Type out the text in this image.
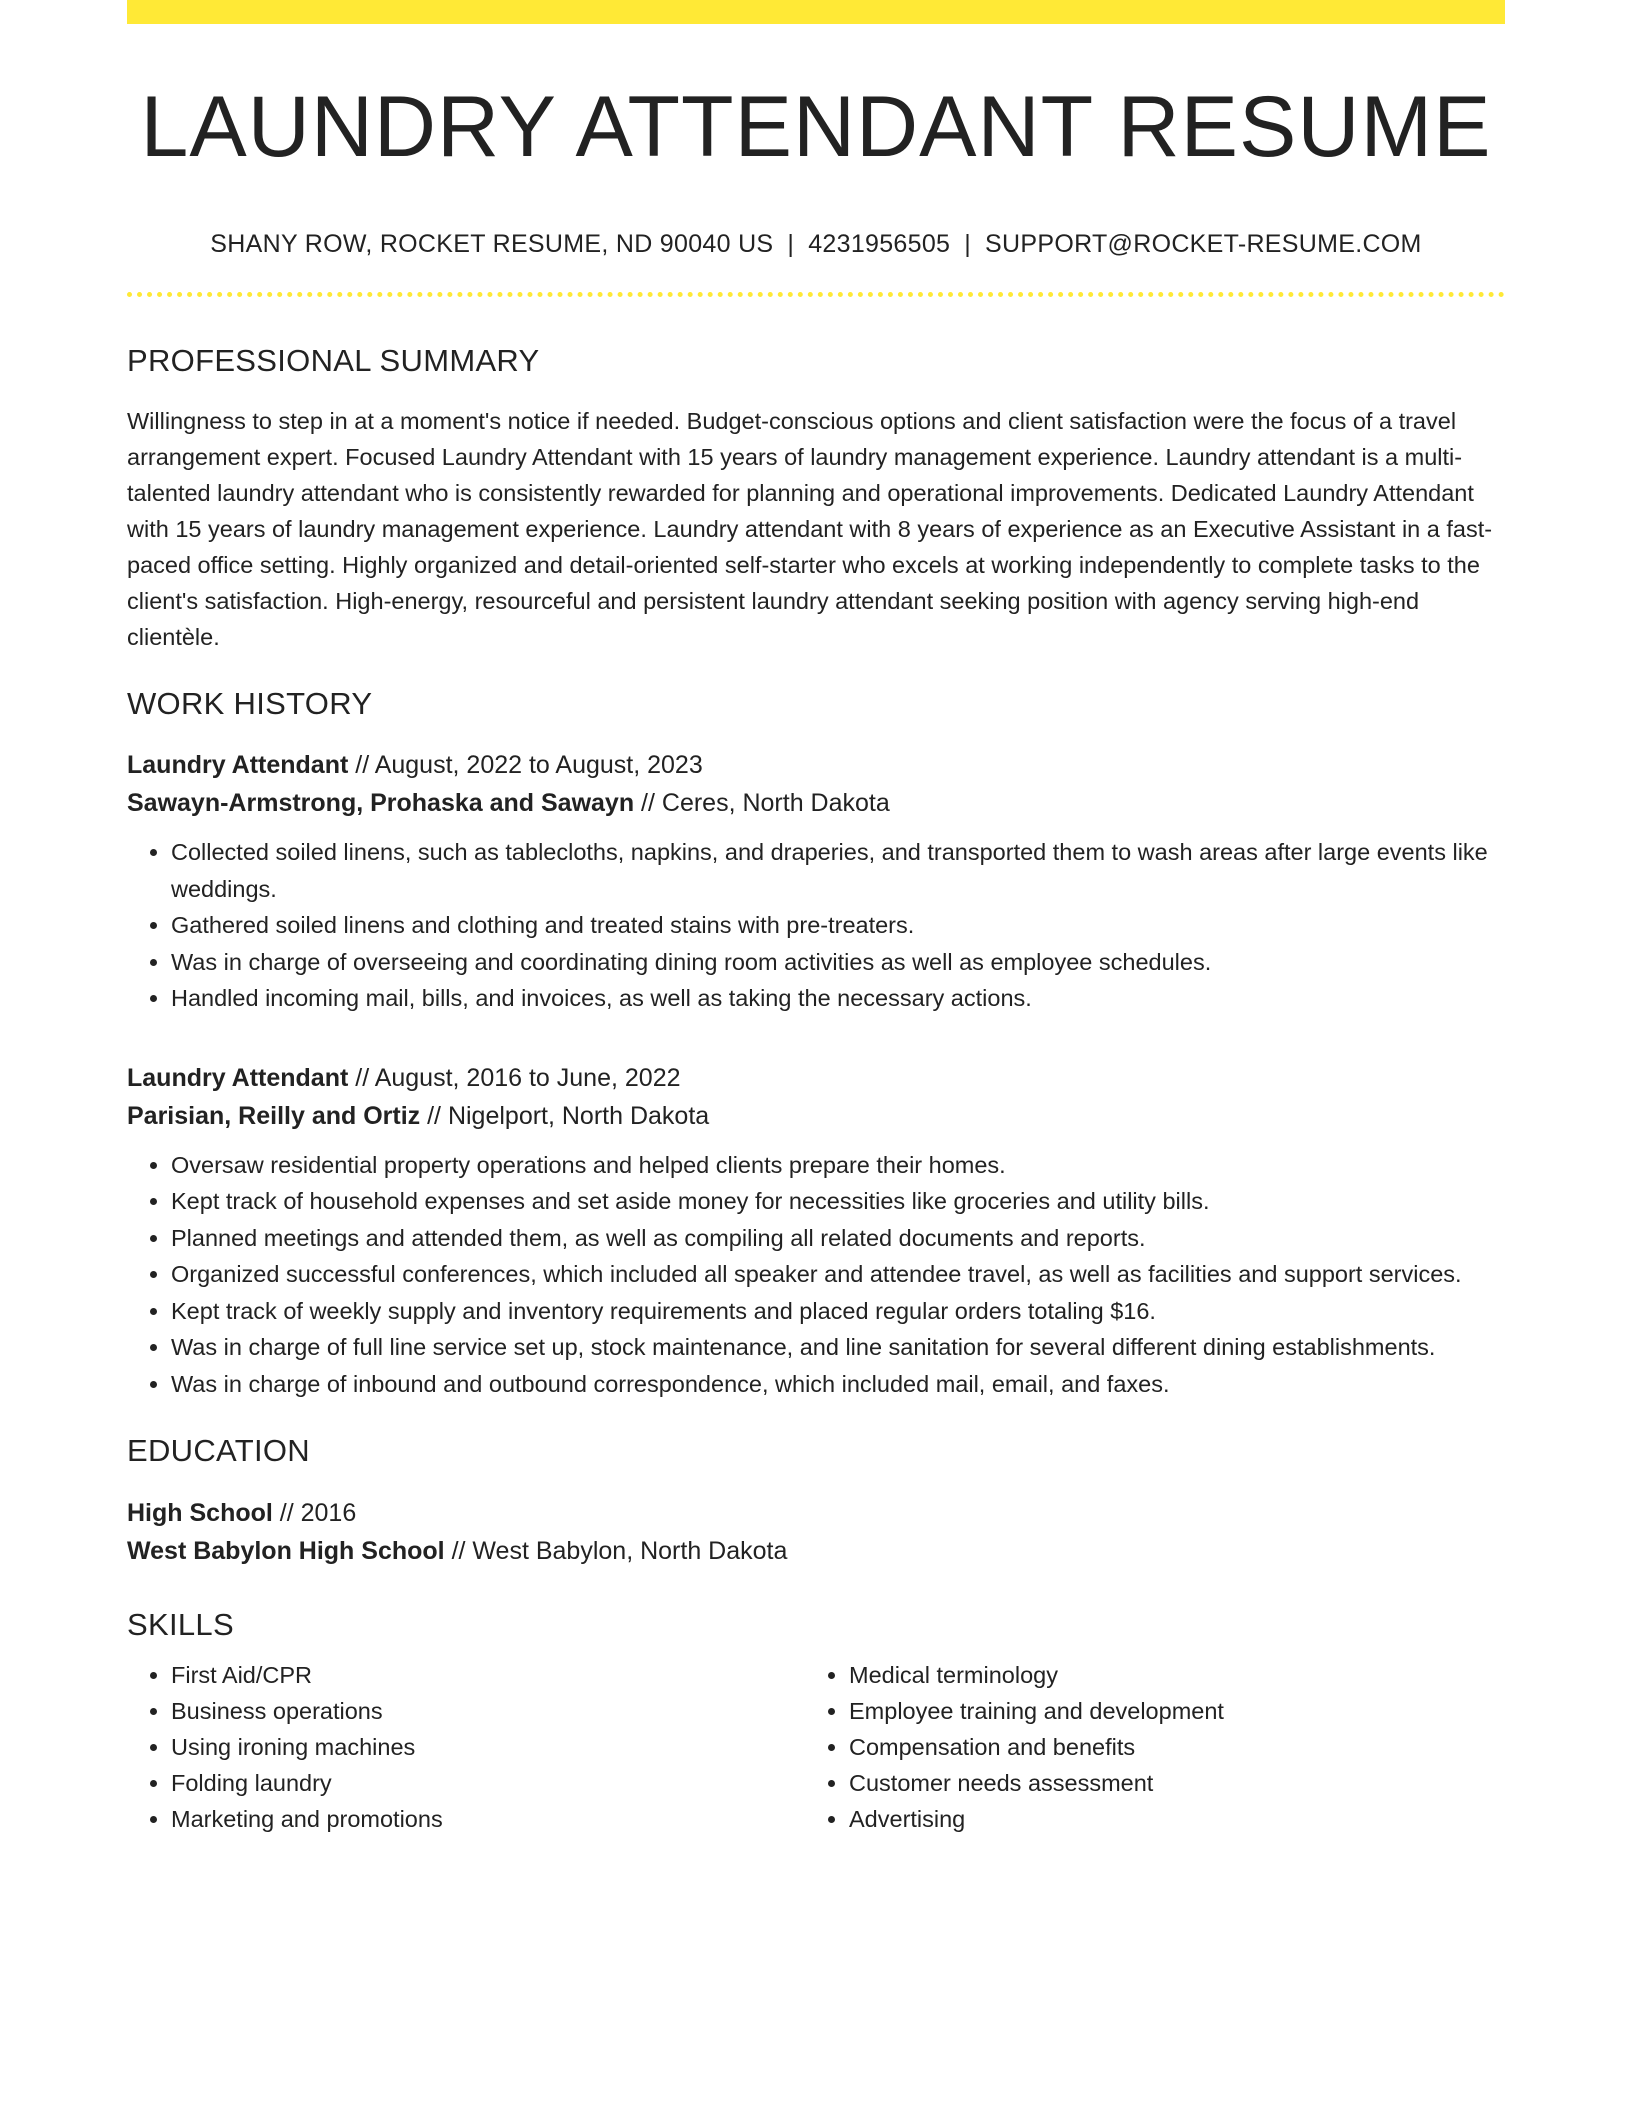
LAUNDRY ATTENDANT RESUME
SHANY ROW, ROCKET RESUME, ND 90040 US | 4231956505 | SUPPORT@ROCKET-RESUME.COM
PROFESSIONAL SUMMARY
Willingness to step in at a moment's notice if needed. Budget-conscious options and client satisfaction were the focus of a travel arrangement expert. Focused Laundry Attendant with 15 years of laundry management experience. Laundry attendant is a multi-talented laundry attendant who is consistently rewarded for planning and operational improvements. Dedicated Laundry Attendant with 15 years of laundry management experience. Laundry attendant with 8 years of experience as an Executive Assistant in a fast-paced office setting. Highly organized and detail-oriented self-starter who excels at working independently to complete tasks to the client's satisfaction. High-energy, resourceful and persistent laundry attendant seeking position with agency serving high-end clientèle.
WORK HISTORY
Laundry Attendant // August, 2022 to August, 2023
Sawayn-Armstrong, Prohaska and Sawayn // Ceres, North Dakota
• Collected soiled linens, such as tablecloths, napkins, and draperies, and transported them to wash areas after large events like weddings.
• Gathered soiled linens and clothing and treated stains with pre-treaters.
• Was in charge of overseeing and coordinating dining room activities as well as employee schedules.
• Handled incoming mail, bills, and invoices, as well as taking the necessary actions.
Laundry Attendant // August, 2016 to June, 2022
Parisian, Reilly and Ortiz // Nigelport, North Dakota
• Oversaw residential property operations and helped clients prepare their homes.
• Kept track of household expenses and set aside money for necessities like groceries and utility bills.
• Planned meetings and attended them, as well as compiling all related documents and reports.
• Organized successful conferences, which included all speaker and attendee travel, as well as facilities and support services.
• Kept track of weekly supply and inventory requirements and placed regular orders totaling $16.
• Was in charge of full line service set up, stock maintenance, and line sanitation for several different dining establishments.
• Was in charge of inbound and outbound correspondence, which included mail, email, and faxes.
EDUCATION
High School // 2016
West Babylon High School // West Babylon, North Dakota
SKILLS
• First Aid/CPR
• Business operations
• Using ironing machines
• Folding laundry
• Marketing and promotions
• Medical terminology
• Employee training and development
• Compensation and benefits
• Customer needs assessment
• Advertising
